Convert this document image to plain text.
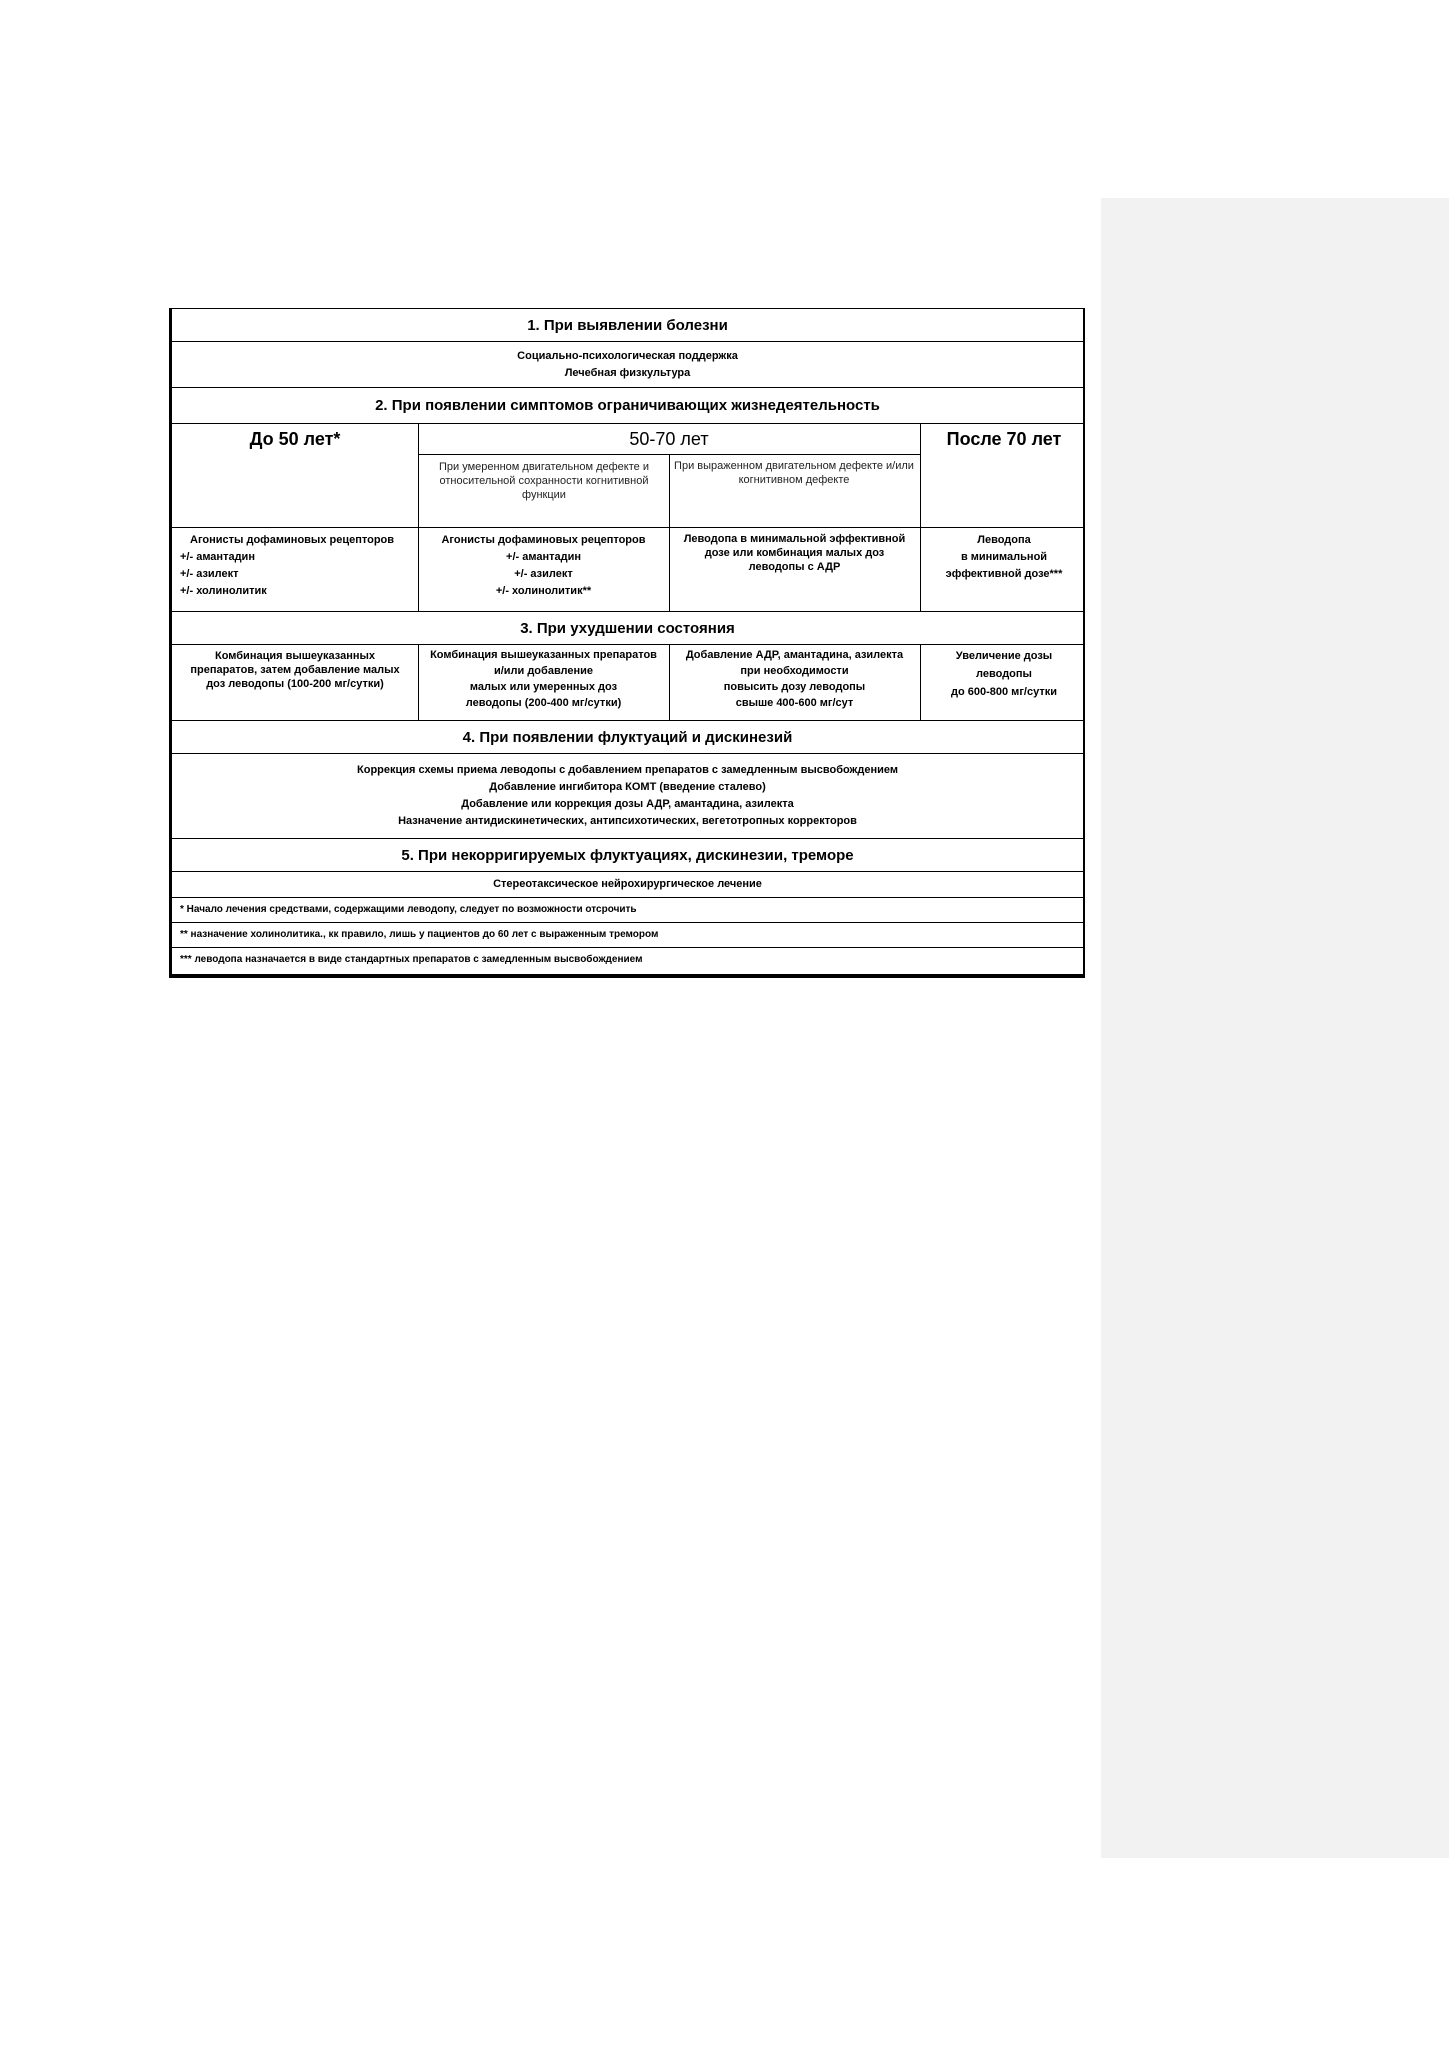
1. При выявлении болезни
Социально-психологическая поддержка
Лечебная физкультура
2. При появлении симптомов ограничивающих жизнедеятельность
До 50 лет*	50-70 лет	После 70 лет
При умеренном двигательном дефекте и относительной сохранности когнитивной функции
При выраженном двигательном дефекте и/или когнитивном дефекте
Агонисты дофаминовых рецепторов
+/- амантадин
+/- азилект
+/- холинолитик
Агонисты дофаминовых рецепторов
+/- амантадин
+/- азилект
+/- холинолитик**
Леводопа в минимальной эффективной
дозе или комбинация малых доз
леводопы с АДР
Леводопа
в минимальной
эффективной дозе***
3. При ухудшении состояния
Комбинация вышеуказанных
препаратов, затем добавление малых
доз леводопы (100-200 мг/сутки)
Комбинация вышеуказанных препаратов
и/или добавление
малых или умеренных доз
леводопы (200-400 мг/сутки)
Добавление АДР, амантадина, азилекта
при необходимости
повысить дозу леводопы
свыше 400-600 мг/сут
Увеличение дозы
леводопы
до 600-800 мг/сутки
4. При появлении флуктуаций и дискинезий
Коррекция схемы приема леводопы с добавлением препаратов с замедленным высвобождением
Добавление ингибитора КОМТ (введение сталево)
Добавление или коррекция дозы АДР, амантадина, азилекта
Назначение антидискинетических, антипсихотических, вегетотропных корректоров
5. При некорригируемых флуктуациях, дискинезии, треморе
Стереотаксическое нейрохирургическое лечение
* Начало лечения средствами, содержащими леводопу, следует по возможности отсрочить
** назначение холинолитика., кк правило, лишь у пациентов до 60 лет с выраженным тремором
*** леводопа назначается в виде стандартных препаратов с замедленным высвобождением
